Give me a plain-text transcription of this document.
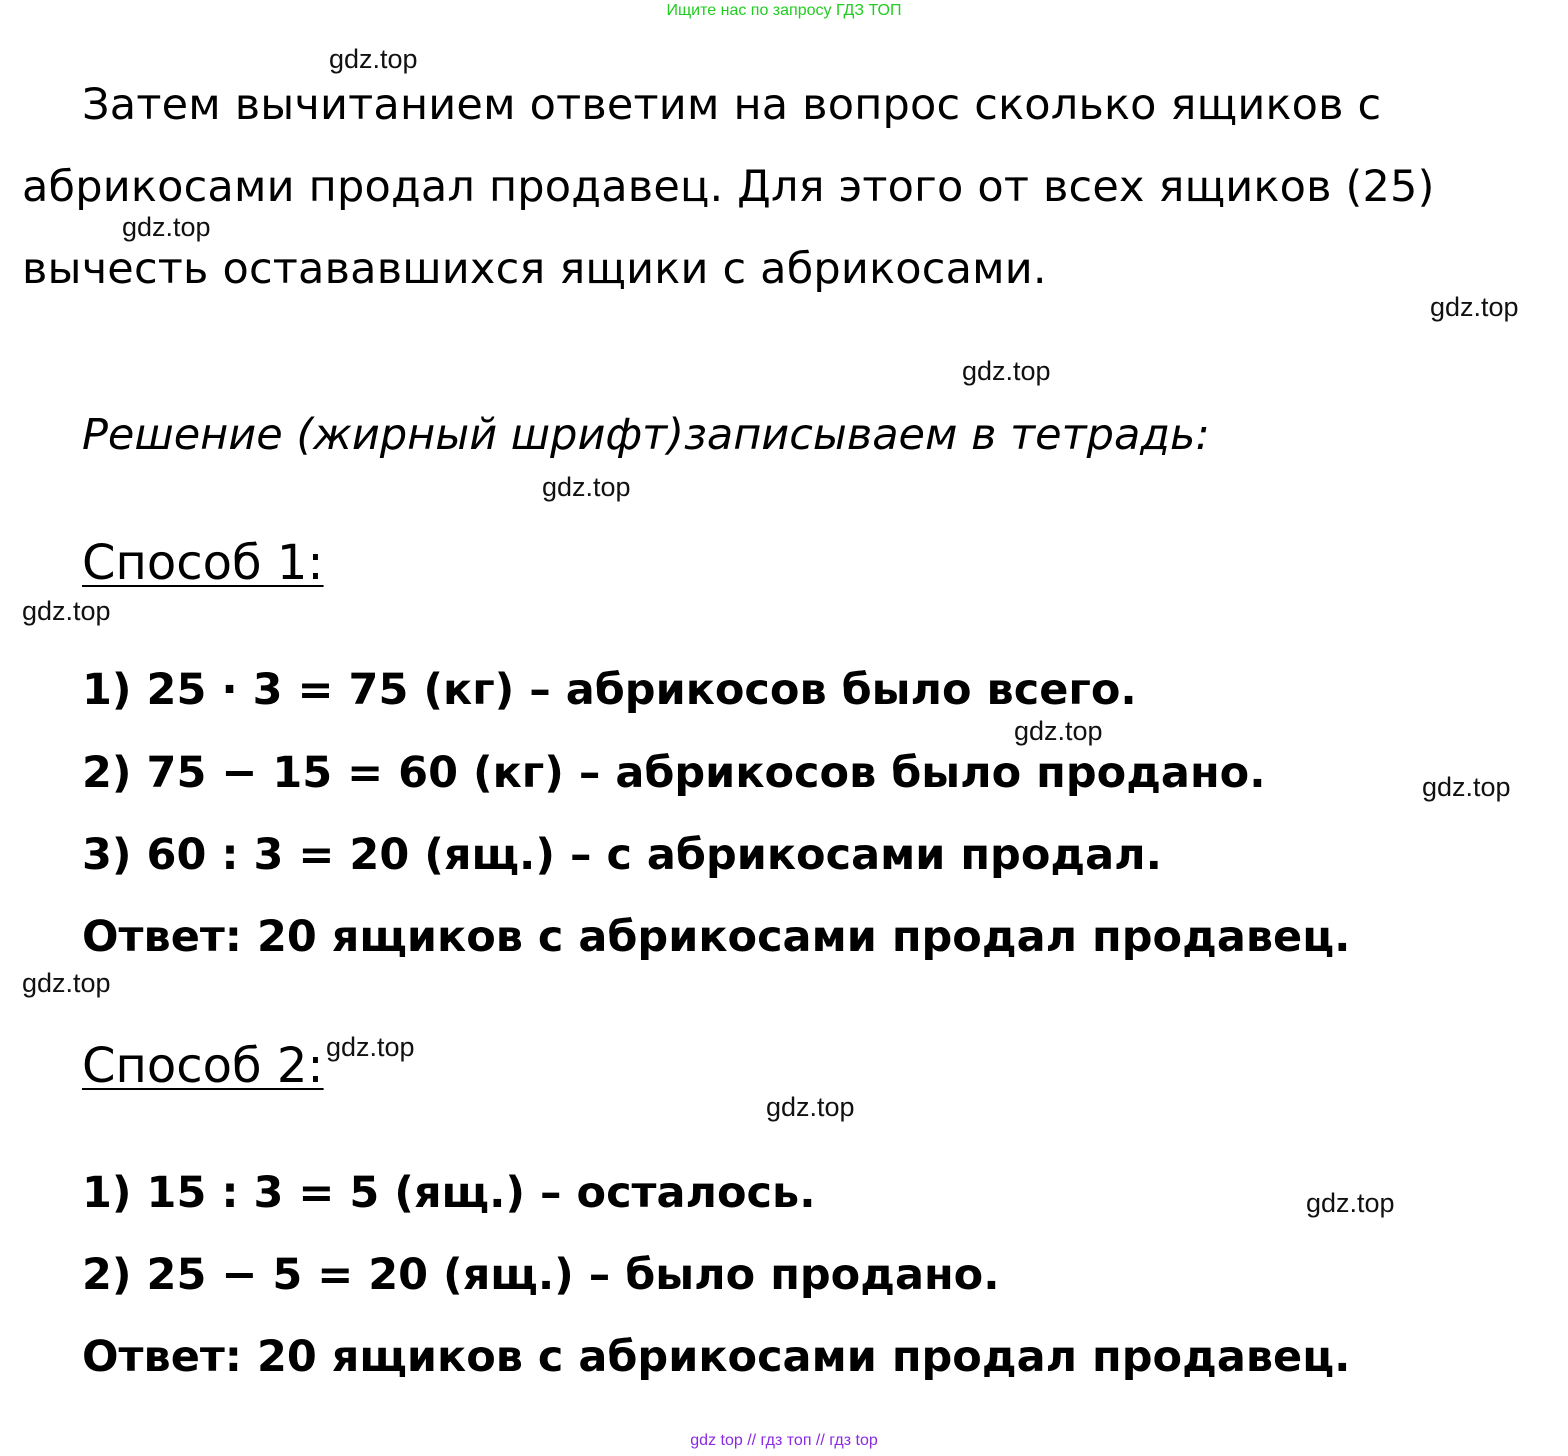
Ищите нас по запросу ГДЗ ТОП
Затем вычитанием ответим на вопрос сколько ящиков с
абрикосами продал продавец. Для этого от всех ящиков (25)
вычесть остававшихся ящики с абрикосами.
Решение (жирный шрифт)записываем в тетрадь:
Способ 1:
1) 25 · 3 = 75 (кг) – абрикосов было всего.
2) 75 − 15 = 60 (кг) – абрикосов было продано.
3) 60 : 3 = 20 (ящ.) – с абрикосами продал.
Ответ: 20 ящиков с абрикосами продал продавец.
Способ 2:
1) 15 : 3 = 5 (ящ.) – осталось.
2) 25 − 5 = 20 (ящ.) – было продано.
Ответ: 20 ящиков с абрикосами продал продавец.
gdz.top
gdz.top
gdz.top
gdz.top
gdz.top
gdz.top
gdz.top
gdz.top
gdz.top
gdz.top
gdz.top
gdz.top
gdz top // гдз топ // гдз top
